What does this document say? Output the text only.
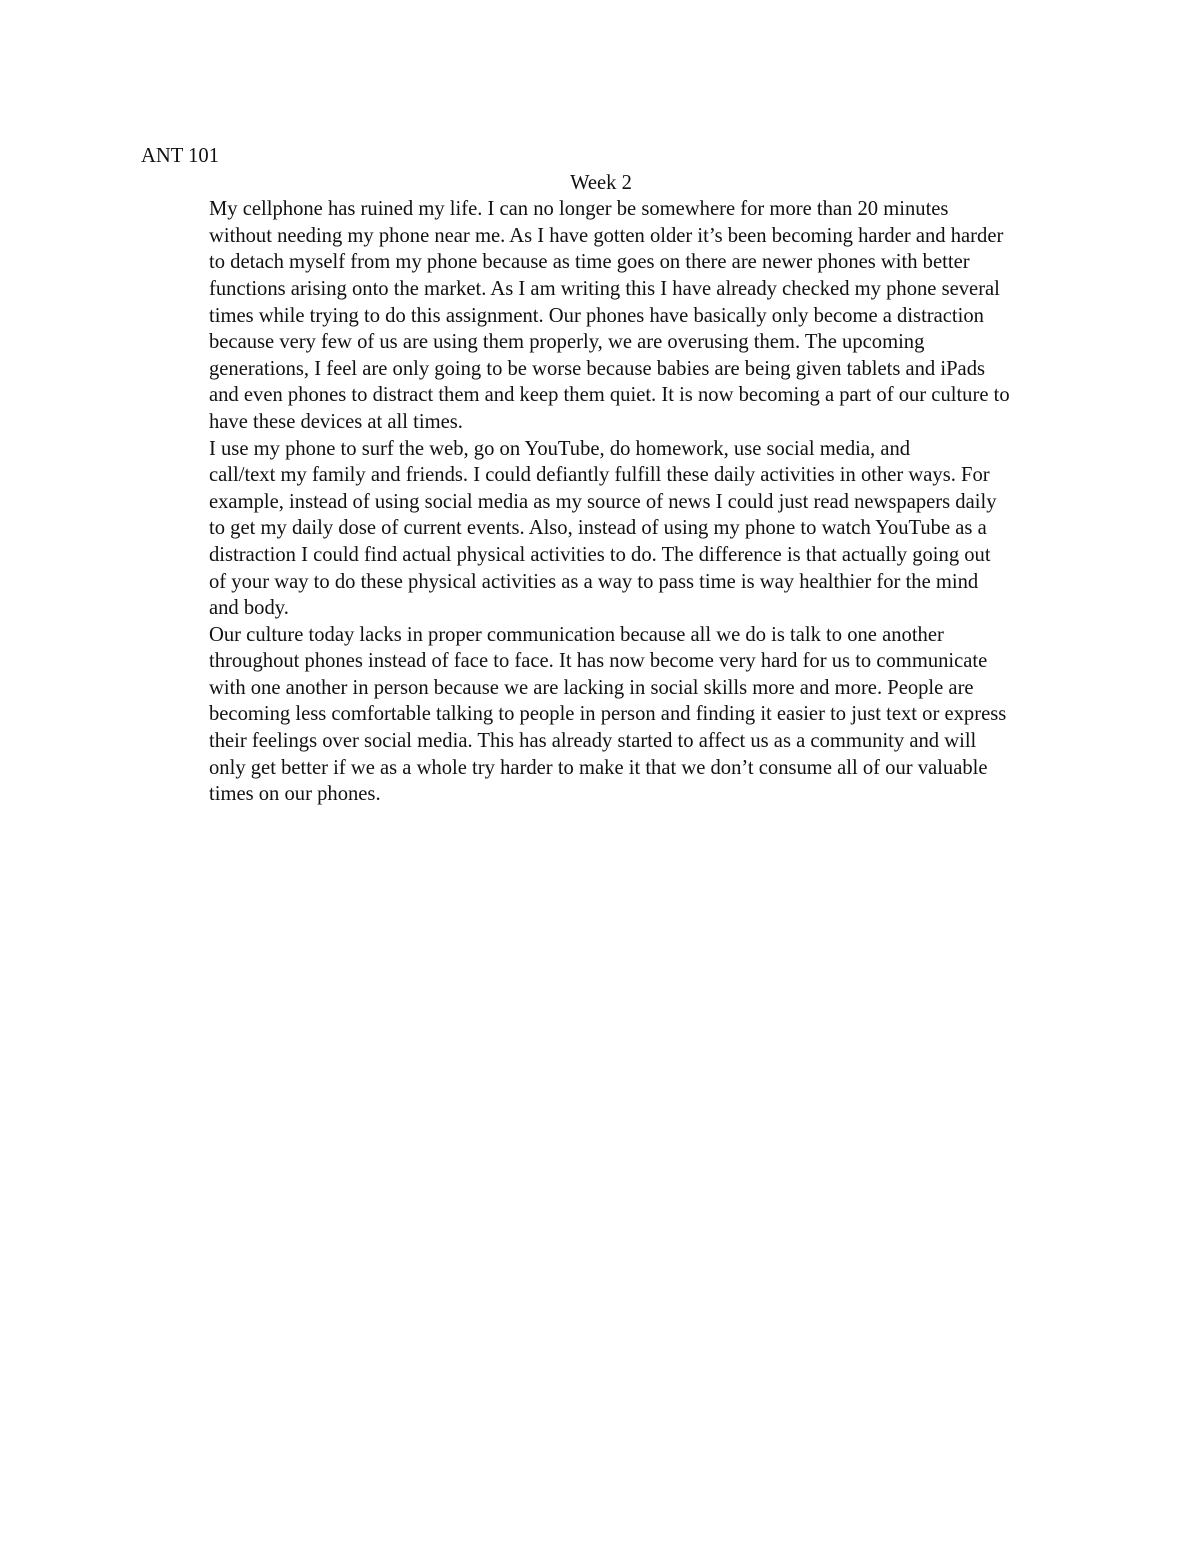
ANT 101

Week 2

My cellphone has ruined my life. I can no longer be somewhere for more than 20 minutes
without needing my phone near me. As I have gotten older it’s been becoming harder and harder
to detach myself from my phone because as time goes on there are newer phones with better
functions arising onto the market. As I am writing this I have already checked my phone several
times while trying to do this assignment. Our phones have basically only become a distraction
because very few of us are using them properly, we are overusing them. The upcoming
generations, I feel are only going to be worse because babies are being given tablets and iPads
and even phones to distract them and keep them quiet. It is now becoming a part of our culture to
have these devices at all times.

I use my phone to surf the web, go on YouTube, do homework, use social media, and
call/text my family and friends. I could defiantly fulfill these daily activities in other ways. For
example, instead of using social media as my source of news I could just read newspapers daily
to get my daily dose of current events. Also, instead of using my phone to watch YouTube as a
distraction I could find actual physical activities to do. The difference is that actually going out
of your way to do these physical activities as a way to pass time is way healthier for the mind
and body.

Our culture today lacks in proper communication because all we do is talk to one another
throughout phones instead of face to face. It has now become very hard for us to communicate
with one another in person because we are lacking in social skills more and more. People are
becoming less comfortable talking to people in person and finding it easier to just text or express
their feelings over social media. This has already started to affect us as a community and will
only get better if we as a whole try harder to make it that we don’t consume all of our valuable
times on our phones.
